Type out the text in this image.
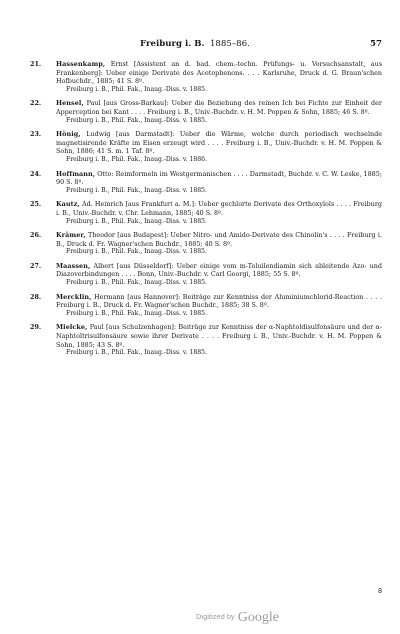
Freiburg i. B. 1885–86.	57
21. Hassenkamp, Ernst [Assistent an d. bad. chem.-techn. Prüfungs- u. Versuchsanstalt, aus Frankenberg]: Ueber einige Derivate des Acetophenons. . . . Karlsruhe, Druck d. G. Braun'schen Hofbuchdr., 1885; 41 S. 8º.
Freiburg i. B., Phil. Fak., Inaug.-Diss. v. 1885.
22. Hensel, Paul [aus Gross-Barkau]: Ueber die Beziehung des reinen Ich bei Fichte zur Einheit der Apperception bei Kant . . . . Freiburg i. B., Univ.-Buchdr. v. H. M. Poppen & Sohn, 1885; 46 S. 8º.
Freiburg i. B., Phil. Fak., Inaug.-Diss. v. 1885.
23. Hönig, Ludwig [aus Darmstadt]: Ueber die Wärme, welche durch periodisch wechselnde magnetisirende Kräfte im Eisen erzeugt wird . . . . Freiburg i. B., Univ.-Buchdr. v. H. M. Poppen & Sohn, 1886; 41 S. m. 1 Taf. 8º.
Freiburg i. B., Phil. Fak., Inaug.-Diss. v. 1886.
24. Hoffmann, Otto: Reimformeln im Westgermanischen . . . . Darmstadt, Buchdr. v. C. W. Leske, 1885; 90 S. 8º.
Freiburg i. B., Phil. Fak., Inaug.-Diss. v. 1885.
25. Kautz, Ad. Heinrich [aus Frankfurt a. M.]: Ueber gechlorte Derivate des Orthoxylols . . . . Freiburg i. B., Univ.-Buchdr. v. Chr. Lehmann, 1885; 40 S. 8º.
Freiburg i. B., Phil. Fak., Inaug.-Diss. v. 1885.
26. Krämer, Theodor [aus Budapest]: Ueber Nitro- und Amido-Derivate des Chinolin's . . . . Freiburg i. B., Druck d. Fr. Wagner'schen Buchdr., 1885; 40 S. 8º.
Freiburg i. B., Phil. Fak., Inaug.-Diss. v. 1885.
27. Maassen, Albert [aus Düsseldorf]: Ueber einige vom m-Toluilendiamin sich ableitende Azo- und Diazoverbindungen . . . . Bonn, Univ.-Buchdr. v. Carl Georgi, 1885; 55 S. 8º.
Freiburg i. B., Phil. Fak., Inaug.-Diss. v. 1885.
28. Mercklin, Hermann [aus Hannover]: Beiträge zur Kenntniss der Aluminiumchlorid-Reaction . . . . Freiburg i. B., Druck d. Fr. Wagner'schen Buchdr., 1885; 38 S. 8º.
Freiburg i. B., Phil. Fak., Inaug.-Diss. v. 1885.
29. Mielcke, Paul [aus Schulzenhagen]: Beiträge zur Kenntniss der α-Naphtoldisulfonsäure und der α-Naphtoltrisulfonsäure sowie ihrer Derivate . . . . Freiburg i. B., Univ.-Buchdr. v. H. M. Poppen & Sohn, 1885; 43 S. 8º.
Freiburg i. B., Phil. Fak., Inaug.-Diss. v. 1885.
8
Digitized by Google
